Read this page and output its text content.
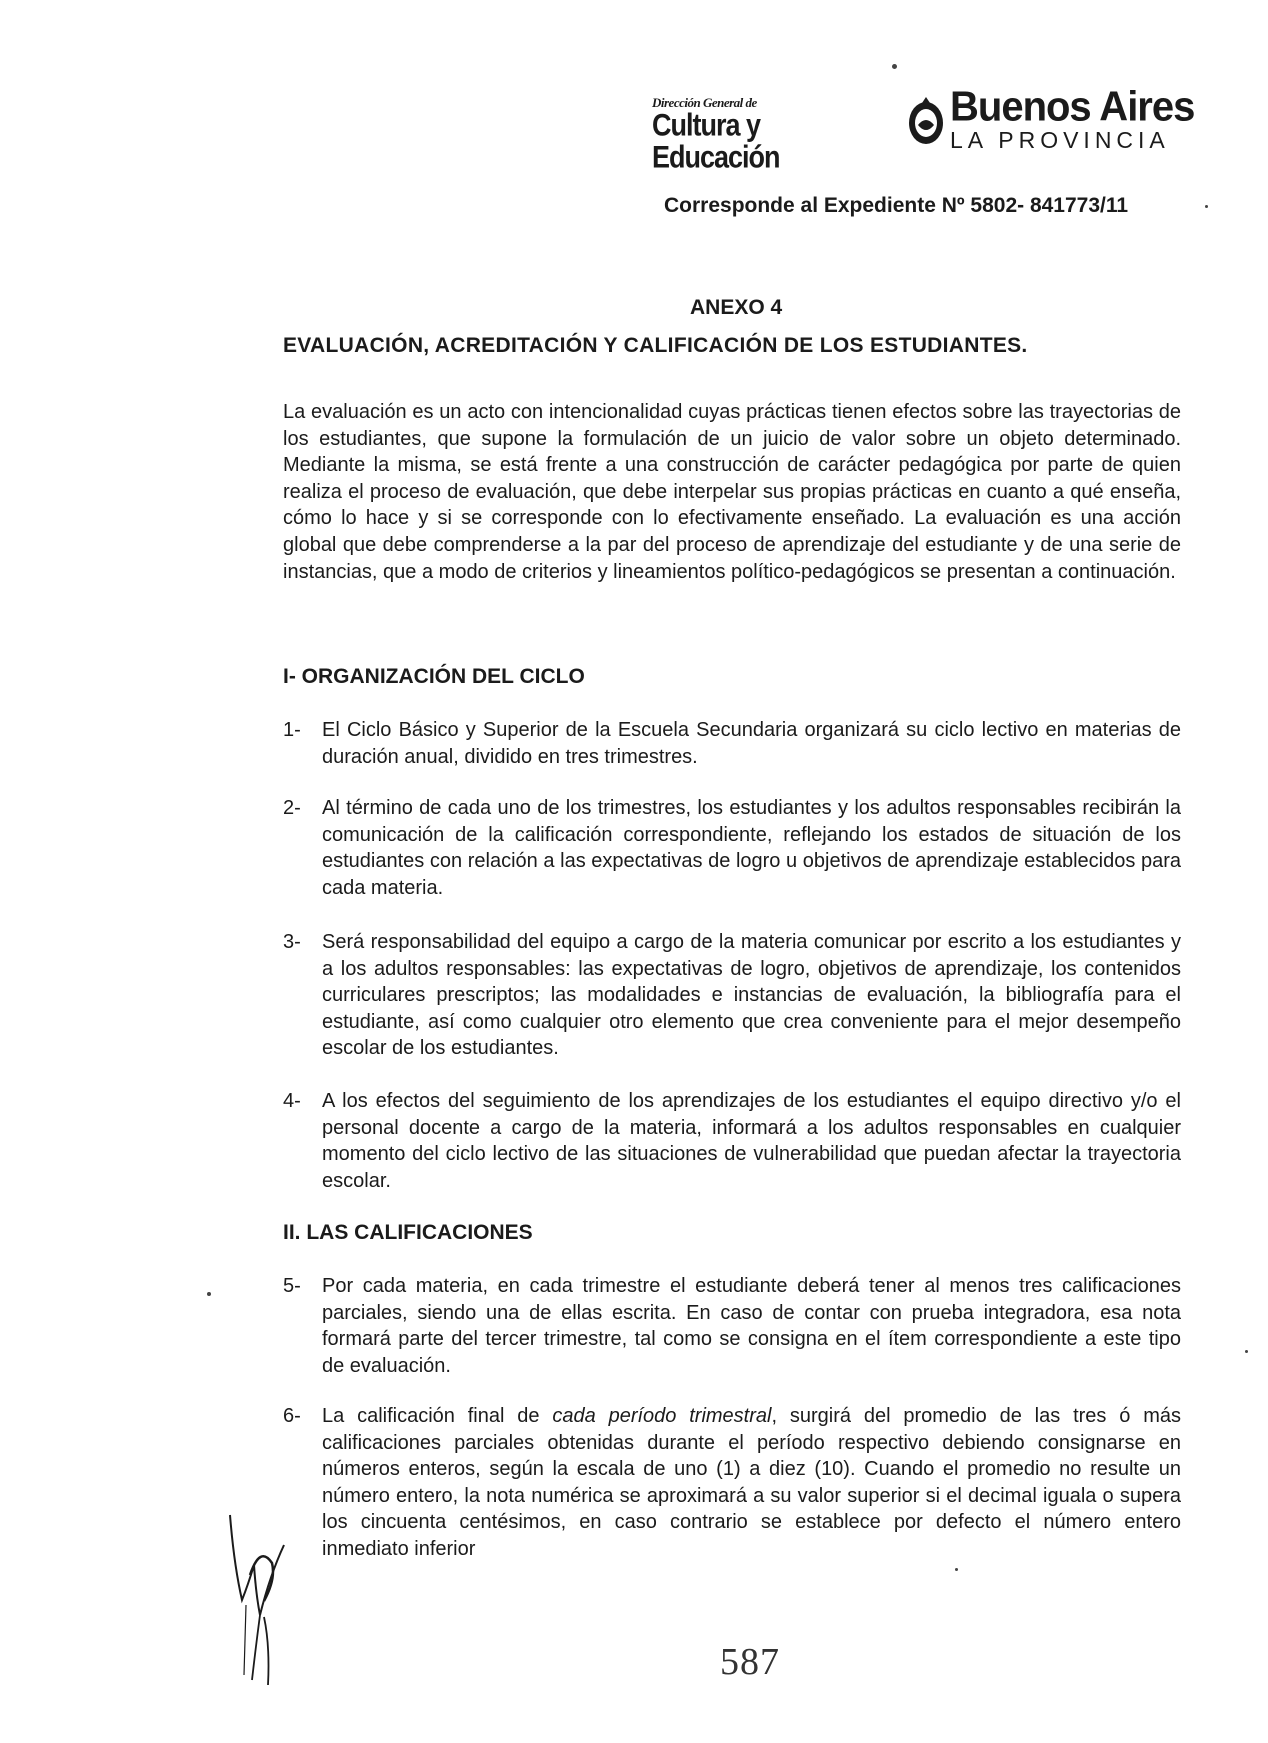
Dirección General de
Cultura y Educación
Buenos Aires
LA PROVINCIA
Corresponde al Expediente Nº 5802- 841773/11
ANEXO 4
EVALUACIÓN, ACREDITACIÓN Y CALIFICACIÓN DE LOS ESTUDIANTES.

La evaluación es un acto con intencionalidad cuyas prácticas tienen efectos sobre las trayectorias de los estudiantes, que supone la formulación de un juicio de valor sobre un objeto determinado. Mediante la misma, se está frente a una construcción de carácter pedagógica por parte de quien realiza el proceso de evaluación, que debe interpelar sus propias prácticas en cuanto a qué enseña, cómo lo hace y si se corresponde con lo efectivamente enseñado. La evaluación es una acción global que debe comprenderse a la par del proceso de aprendizaje del estudiante y de una serie de instancias, que a modo de criterios y lineamientos político-pedagógicos se presentan a continuación.

I- ORGANIZACIÓN DEL CICLO
1-	El Ciclo Básico y Superior de la Escuela Secundaria organizará su ciclo lectivo en materias de duración anual, dividido en tres trimestres.

2-	Al término de cada uno de los trimestres, los estudiantes y los adultos responsables recibirán la comunicación de la calificación correspondiente, reflejando los estados de situación de los estudiantes con relación a las expectativas de logro u objetivos de aprendizaje establecidos para cada materia.

3-	Será responsabilidad del equipo a cargo de la materia comunicar por escrito a los estudiantes y a los adultos responsables: las expectativas de logro, objetivos de aprendizaje, los contenidos curriculares prescriptos; las modalidades e instancias de evaluación, la bibliografía para el estudiante, así como cualquier otro elemento que crea conveniente para el mejor desempeño escolar de los estudiantes.

4-	A los efectos del seguimiento de los aprendizajes de los estudiantes el equipo directivo y/o el personal docente a cargo de la materia, informará a los adultos responsables en cualquier momento del ciclo lectivo de las situaciones de vulnerabilidad que puedan afectar la trayectoria escolar.

II. LAS CALIFICACIONES
5-	Por cada materia, en cada trimestre el estudiante deberá tener al menos tres calificaciones parciales, siendo una de ellas escrita. En caso de contar con prueba integradora, esa nota formará parte del tercer trimestre, tal como se consigna en el ítem correspondiente a este tipo de evaluación.

6-	La calificación final de cada período trimestral, surgirá del promedio de las tres ó más calificaciones parciales obtenidas durante el período respectivo debiendo consignarse en números enteros, según la escala de uno (1) a diez (10). Cuando el promedio no resulte un número entero, la nota numérica se aproximará a su valor superior si el decimal iguala o supera los cincuenta centésimos, en caso contrario se establece por defecto el número entero inmediato inferior

587
